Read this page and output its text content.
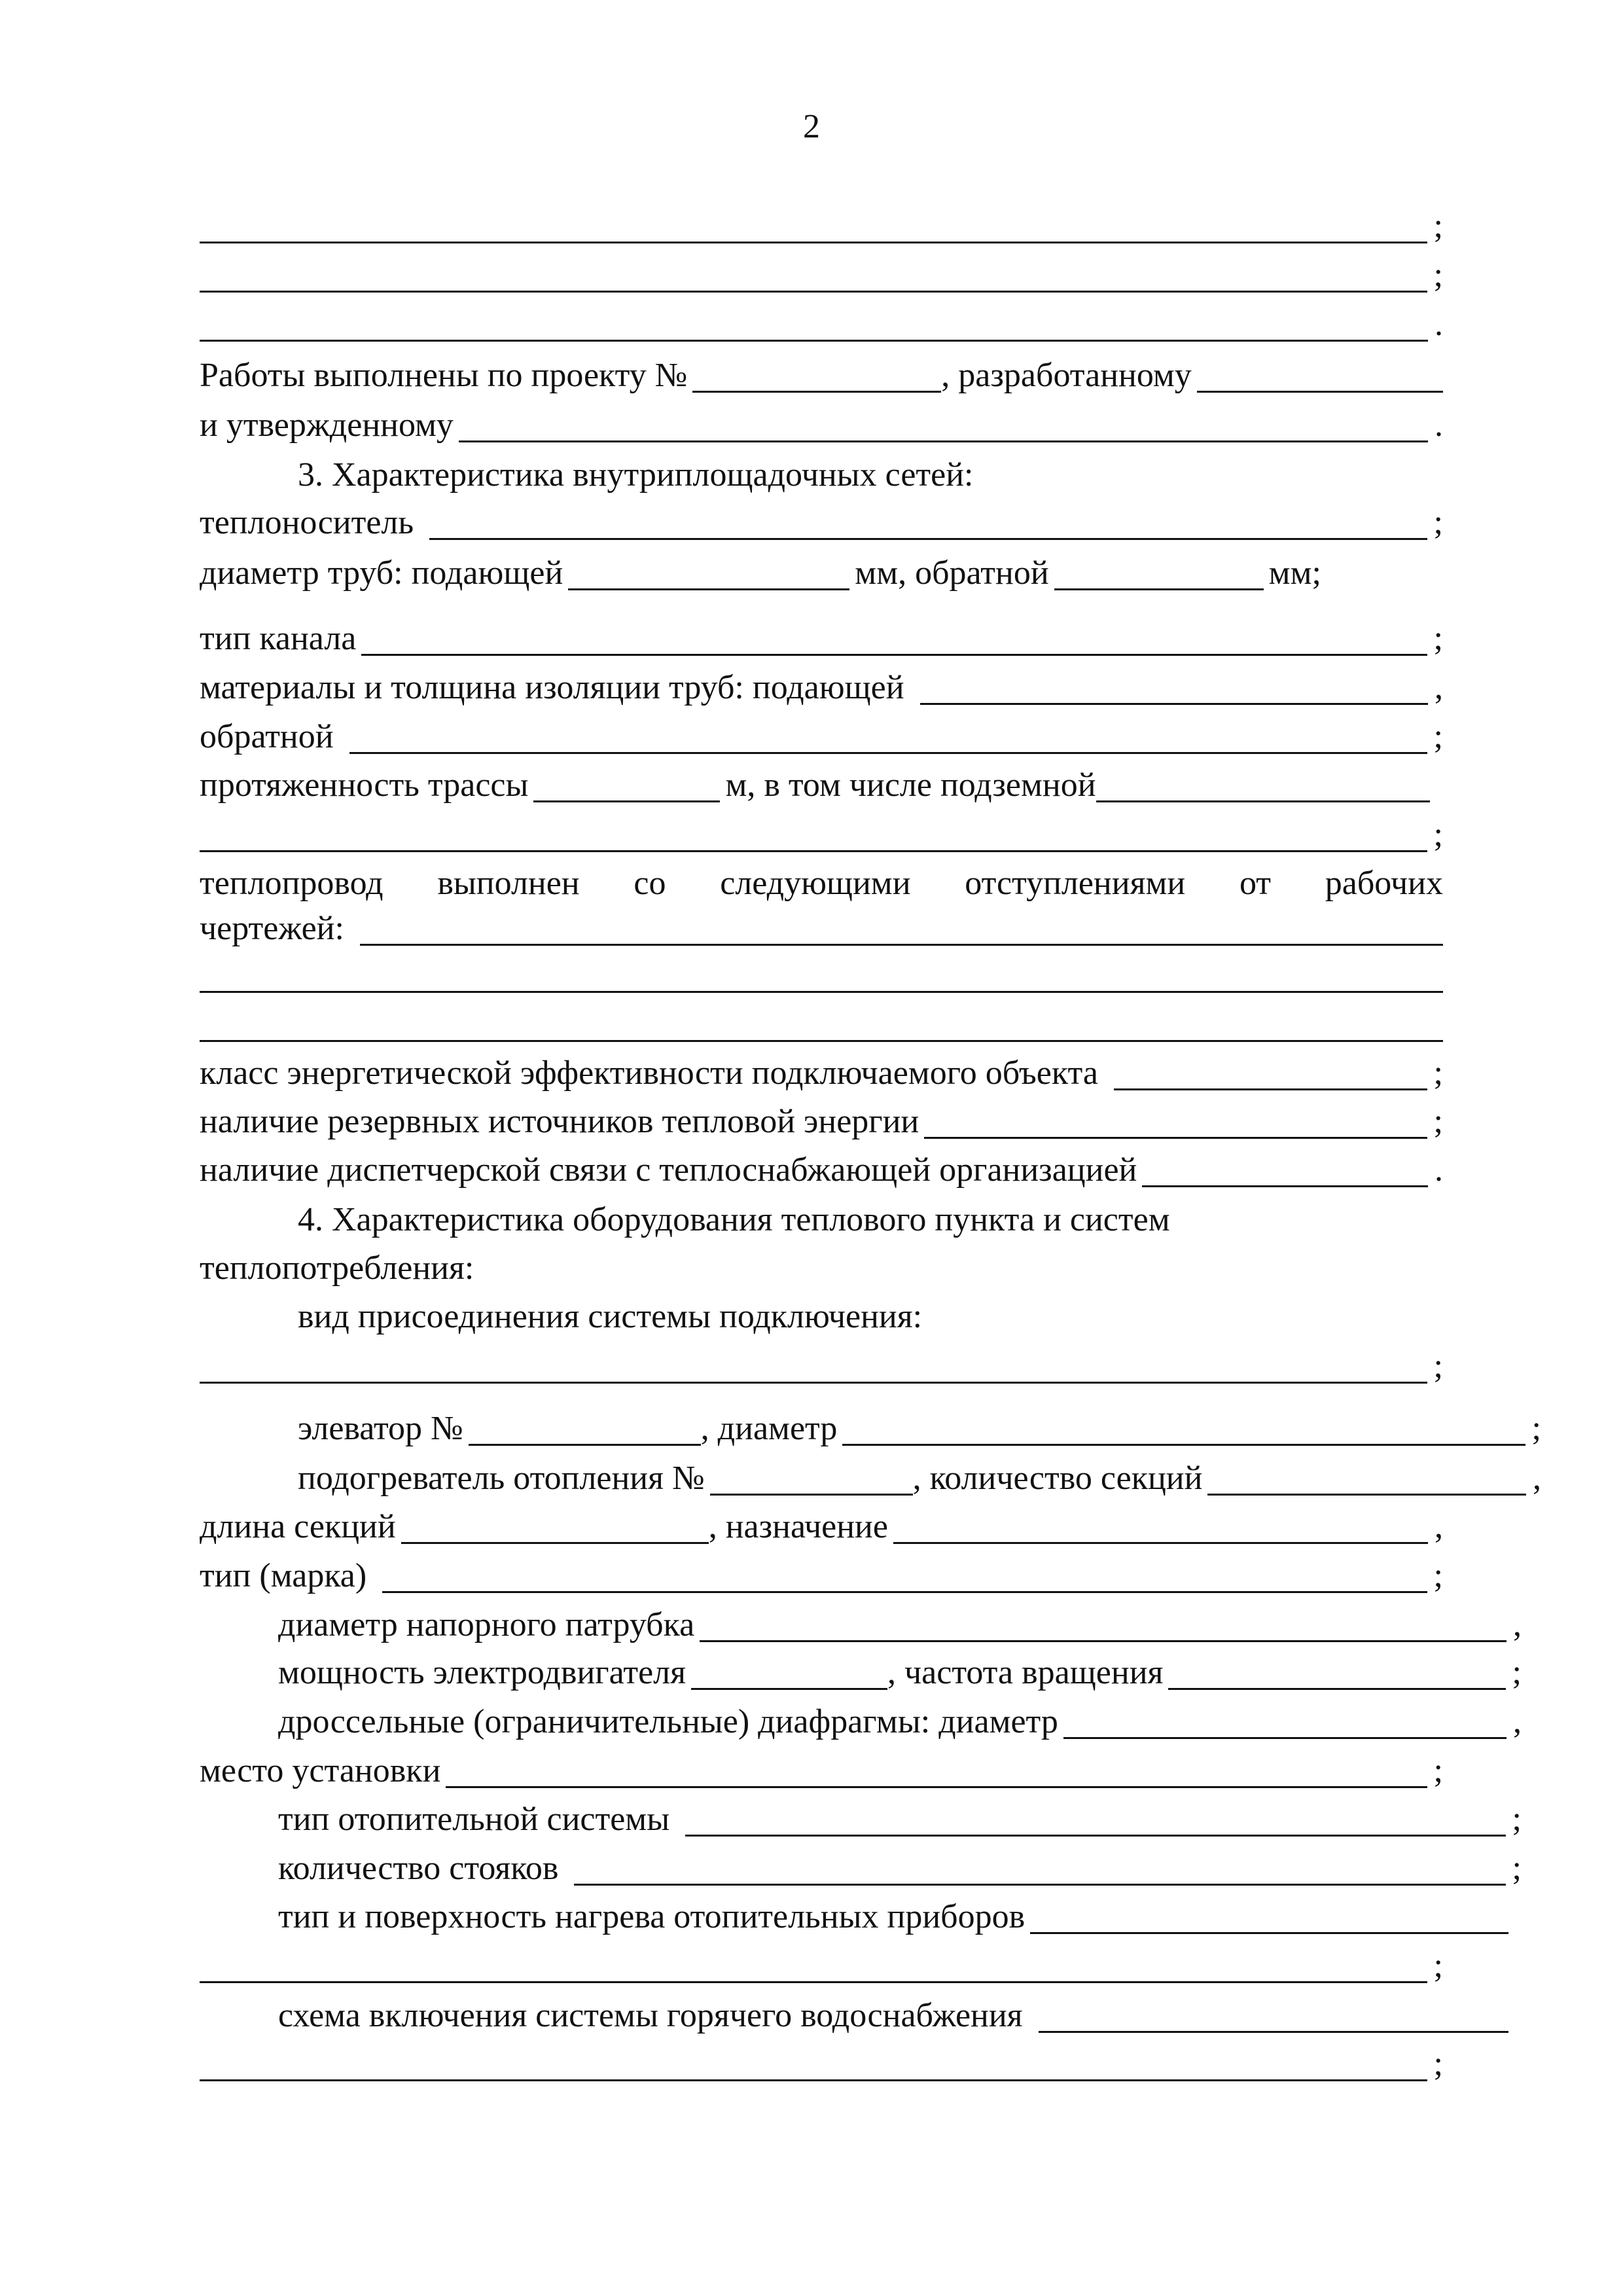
2
;
;
.
Работы выполнены по проекту №	, разработанному
и утвержденному	.
3. Характеристика внутриплощадочных сетей:
теплоноситель	;
диаметр труб: подающей	мм, обратной	мм;
тип канала	;
материалы и толщина изоляции труб: подающей	,
обратной	;
протяженность трассы	м, в том числе подземной
;
теплопровод выполнен со следующими отступлениями от рабочих
чертежей:
класс энергетической эффективности подключаемого объекта	;
наличие резервных источников тепловой энергии	;
наличие диспетчерской связи с теплоснабжающей организацией	.
4. Характеристика оборудования теплового пункта и систем
теплопотребления:
вид присоединения системы подключения:
;
элеватор №	, диаметр	;
подогреватель отопления №	, количество секций	,
длина секций	, назначение	,
тип (марка)	;
диаметр напорного патрубка	,
мощность электродвигателя	, частота вращения	;
дроссельные (ограничительные) диафрагмы: диаметр	,
место установки	;
тип отопительной системы	;
количество стояков	;
тип и поверхность нагрева отопительных приборов
;
схема включения системы горячего водоснабжения
;
